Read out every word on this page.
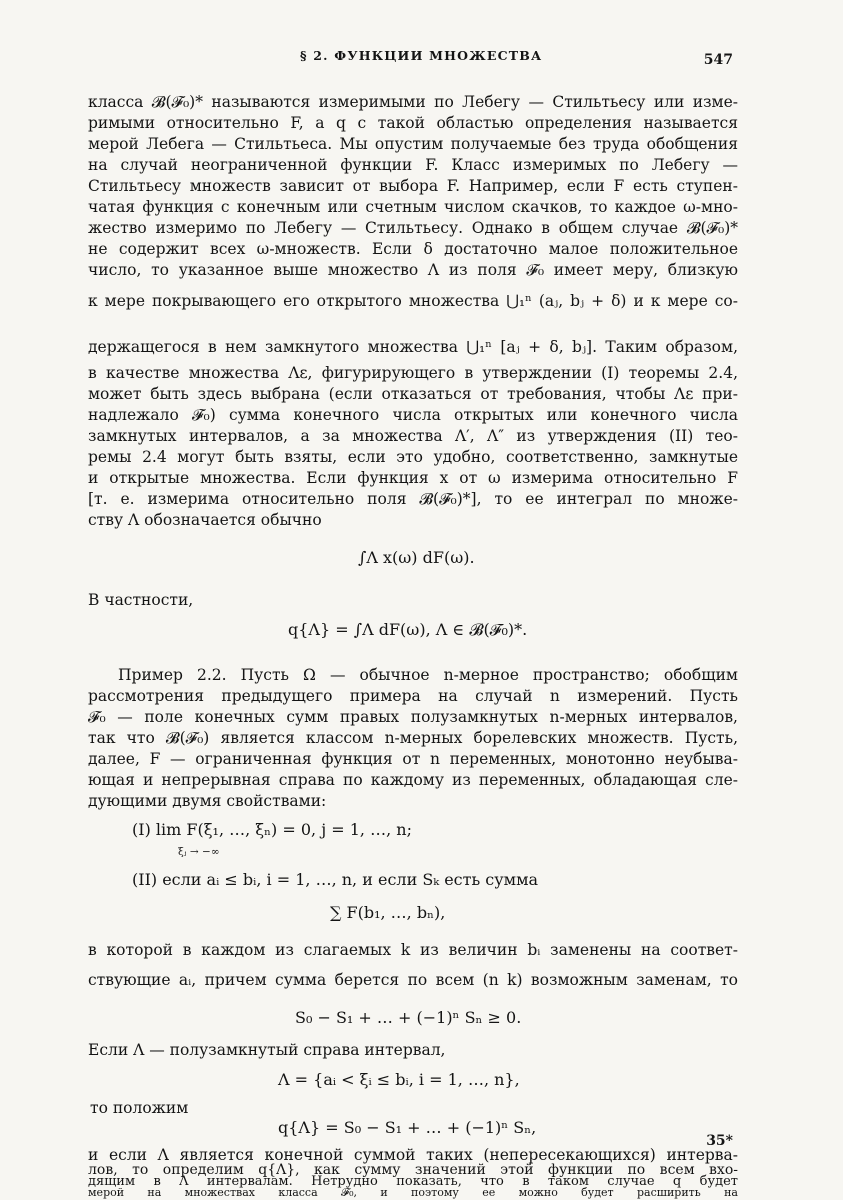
§ 2. ФУНКЦИИ МНОЖЕСТВА	547
класса 𝓑(𝓕₀)* называются измеримыми по Лебегу — Стильтьесу или изме-
римыми относительно F, а q с такой областью определения называется
мерой Лебега — Стильтьеса. Мы опустим получаемые без труда обобщения
на случай неограниченной функции F. Класс измеримых по Лебегу —
Стильтьесу множеств зависит от выбора F. Например, если F есть ступен-
чатая функция с конечным или счетным числом скачков, то каждое ω-мно-
жество измеримо по Лебегу — Стильтьесу. Однако в общем случае 𝓑(𝓕₀)*
не содержит всех ω-множеств. Если δ достаточно малое положительное
число, то указанное выше множество Λ из поля 𝓕₀ имеет меру, близкую
к мере покрывающего его открытого множества ⋃₁ⁿ (aⱼ, bⱼ + δ) и к мере со-
держащегося в нем замкнутого множества ⋃₁ⁿ [aⱼ + δ, bⱼ]. Таким образом,
в качестве множества Λε, фигурирующего в утверждении (I) теоремы 2.4,
может быть здесь выбрана (если отказаться от требования, чтобы Λε при-
надлежало 𝓕₀) сумма конечного числа открытых или конечного числа
замкнутых интервалов, а за множества Λ′, Λ″ из утверждения (II) тео-
ремы 2.4 могут быть взяты, если это удобно, соответственно, замкнутые
и открытые множества. Если функция x от ω измерима относительно F
[т. е. измерима относительно поля 𝓑(𝓕₀)*], то ее интеграл по множе-
ству Λ обозначается обычно
∫Λ x(ω) dF(ω).
В частности,
q{Λ} = ∫Λ dF(ω), Λ ∈ 𝓑(𝓕₀)*.
Пример 2.2. Пусть Ω — обычное n-мерное пространство; обобщим
рассмотрения предыдущего примера на случай n измерений. Пусть
𝓕₀ — поле конечных сумм правых полузамкнутых n-мерных интервалов,
так что 𝓑(𝓕₀) является классом n-мерных борелевских множеств. Пусть,
далее, F — ограниченная функция от n переменных, монотонно неубыва-
ющая и непрерывная справа по каждому из переменных, обладающая сле-
дующими двумя свойствами:
(I) lim F(ξ₁, …, ξₙ) = 0, j = 1, …, n;
ξⱼ → −∞
(II) если aᵢ ≤ bᵢ, i = 1, …, n, и если Sₖ есть сумма
∑ F(b₁, …, bₙ),
в которой в каждом из слагаемых k из величин bᵢ заменены на соответ-
ствующие aᵢ, причем сумма берется по всем (n k) возможным заменам, то
S₀ − S₁ + … + (−1)ⁿ Sₙ ≥ 0.
Если Λ — полузамкнутый справа интервал,
Λ = {aᵢ < ξᵢ ≤ bᵢ, i = 1, …, n},
то положим
q{Λ} = S₀ − S₁ + … + (−1)ⁿ Sₙ,
и если Λ является конечной суммой таких (непересекающихся) интерва-
лов, то определим q{Λ}, как сумму значений этой функции по всем вхо-
дящим в Λ интервалам. Нетрудно показать, что в таком случае q будет
мерой на множествах класса 𝓕₀, и поэтому ее можно будет расширить на
35*
